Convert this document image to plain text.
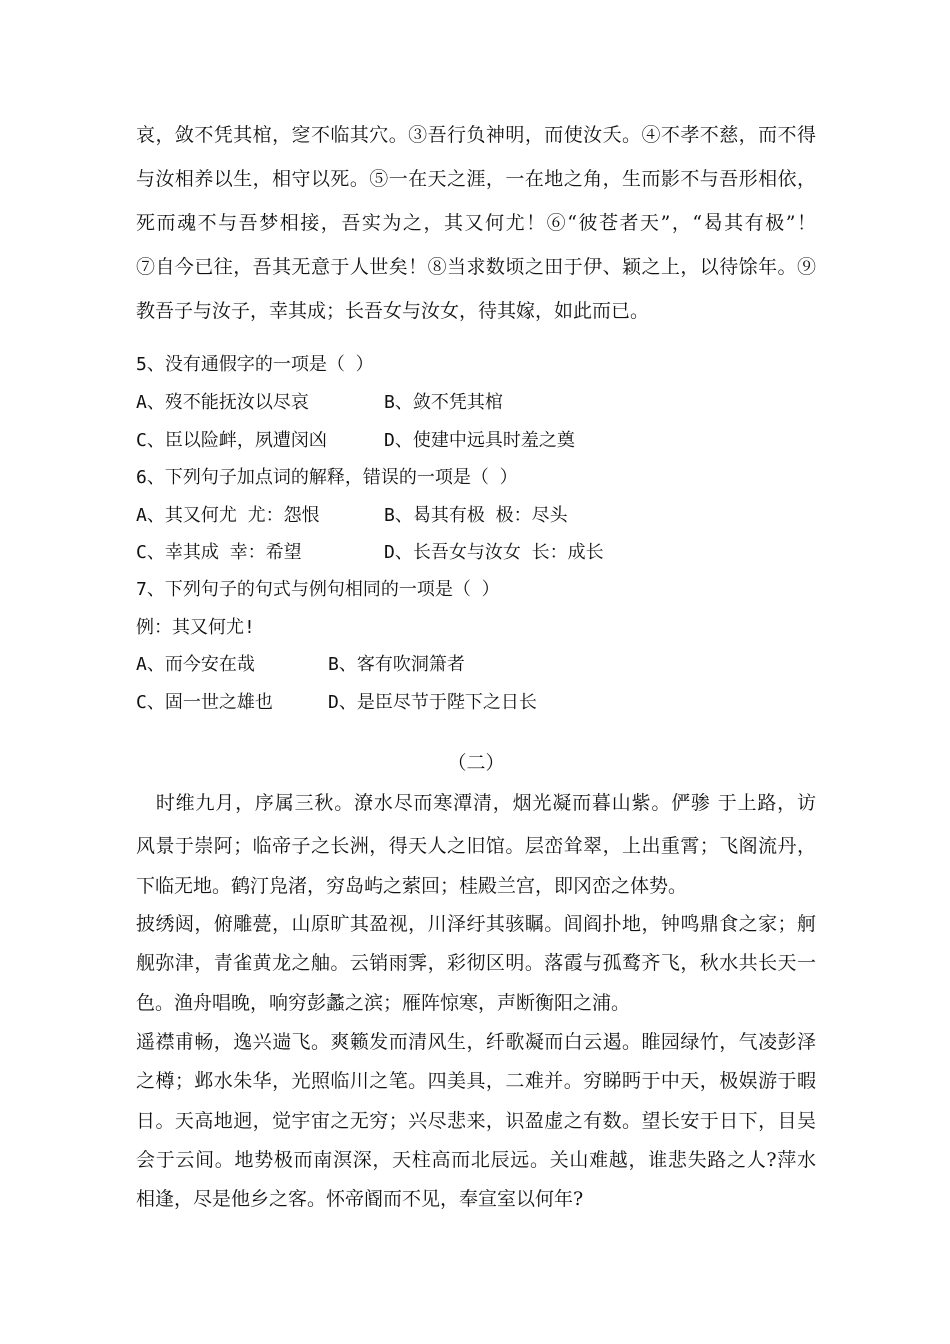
哀，敛不凭其棺，窆不临其穴。③吾行负神明，而使汝夭。④不孝不慈，而不得

与汝相养以生，相守以死。⑤一在天之涯，一在地之角，生而影不与吾形相依，

死而魂不与吾梦相接，吾实为之，其又何尤！⑥“彼苍者天”，“曷其有极”！

⑦自今已往，吾其无意于人世矣！⑧当求数顷之田于伊、颖之上，以待馀年。⑨

教吾子与汝子，幸其成；长吾女与汝女，待其嫁，如此而已。

5、没有通假字的一项是（ ）

A、歿不能抚汝以尽哀	B、敛不凭其棺
C、臣以险衅，夙遭闵凶	D、使建中远具时羞之奠

6、下列句子加点词的解释，错误的一项是（ ）

A、其又何尤 尤：怨恨	B、曷其有极 极：尽头
C、幸其成 幸：希望	D、长吾女与汝女 长：成长

7、下列句子的句式与例句相同的一项是（ ）

例：其又何尤!

A、而今安在哉	B、客有吹洞箫者
C、固一世之雄也	D、是臣尽节于陛下之日长

（二）

　时维九月，序属三秋。潦水尽而寒潭清，烟光凝而暮山紫。俨骖 于上路，访

风景于崇阿；临帝子之长洲，得天人之旧馆。层峦耸翠，上出重霄；飞阁流丹，

下临无地。鹤汀凫渚，穷岛屿之萦回；桂殿兰宫，即冈峦之体势。

披绣闼，俯雕甍，山原旷其盈视，川泽纡其骇瞩。闾阎扑地，钟鸣鼎食之家；舸

舰弥津，青雀黄龙之舳。云销雨霁，彩彻区明。落霞与孤鹜齐飞，秋水共长天一

色。渔舟唱晚，响穷彭蠡之滨；雁阵惊寒，声断衡阳之浦。

遥襟甫畅，逸兴遄飞。爽籁发而清风生，纤歌凝而白云遏。睢园绿竹，气凌彭泽

之樽；邺水朱华，光照临川之笔。四美具，二难并。穷睇眄于中天，极娱游于暇

日。天高地迥，觉宇宙之无穷；兴尽悲来，识盈虚之有数。望长安于日下，目吴

会于云间。地势极而南溟深，天柱高而北辰远。关山难越，谁悲失路之人?萍水

相逢，尽是他乡之客。怀帝阍而不见，奉宣室以何年?
